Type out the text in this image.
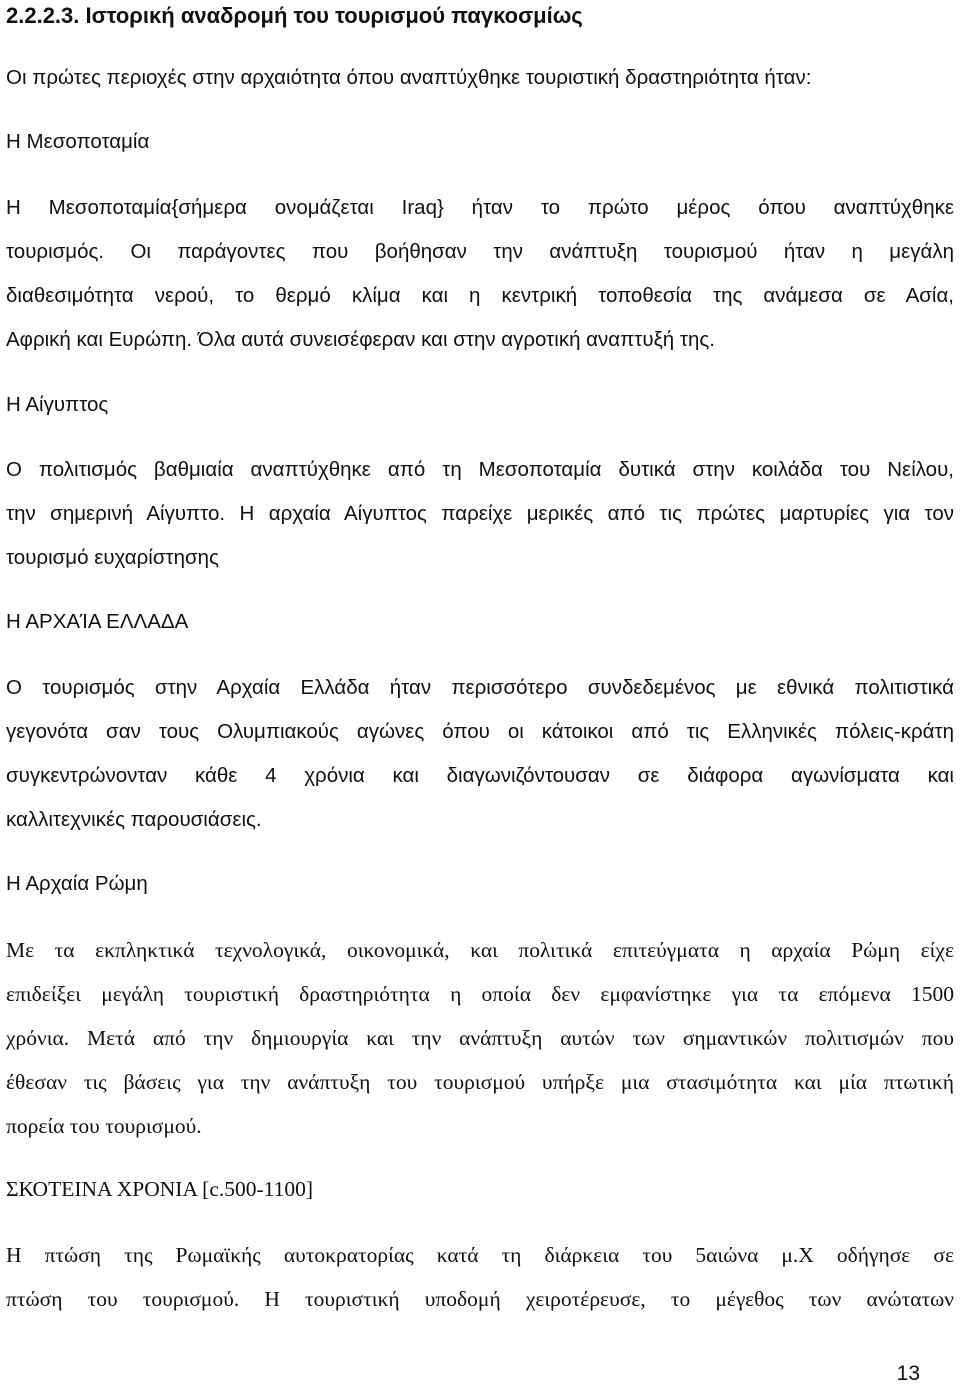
2.2.2.3. Ιστορική αναδρομή του τουρισμού παγκοσμίως
Οι πρώτες περιοχές στην αρχαιότητα όπου αναπτύχθηκε τουριστική δραστηριότητα ήταν:
Η Μεσοποταμία
Η Μεσοποταμία{σήμερα ονομάζεται Iraq} ήταν το πρώτο μέρος όπου αναπτύχθηκε
τουρισμός. Οι παράγοντες που βοήθησαν την ανάπτυξη τουρισμού ήταν η μεγάλη
διαθεσιμότητα νερού, το θερμό κλίμα και η κεντρική τοποθεσία της ανάμεσα σε Ασία,
Αφρική και Ευρώπη. Όλα αυτά συνεισέφεραν και στην αγροτική αναπτυξή της.
Η Αίγυπτος
Ο πολιτισμός βαθμιαία αναπτύχθηκε από τη Μεσοποταμία δυτικά στην κοιλάδα του Νείλου,
την σημερινή Αίγυπτο. Η αρχαία Αίγυπτος παρείχε μερικές από τις πρώτες μαρτυρίες για τον
τουρισμό ευχαρίστησης
Η ΑΡΧΑΊΑ ΕΛΛΑΔΑ
Ο τουρισμός στην Αρχαία Ελλάδα ήταν περισσότερο συνδεδεμένος με εθνικά πολιτιστικά
γεγονότα σαν τους Ολυμπιακούς αγώνες όπου οι κάτοικοι από τις Ελληνικές πόλεις-κράτη
συγκεντρώνονταν κάθε 4 χρόνια και διαγωνιζόντουσαν σε διάφορα αγωνίσματα και
καλλιτεχνικές παρουσιάσεις.
Η Αρχαία Ρώμη
Με τα εκπληκτικά τεχνολογικά, οικονομικά, και πολιτικά επιτεύγματα η αρχαία Ρώμη είχε
επιδείξει μεγάλη τουριστική δραστηριότητα η οποία δεν εμφανίστηκε για τα επόμενα 1500
χρόνια. Μετά από την δημιουργία και την ανάπτυξη αυτών των σημαντικών πολιτισμών που
έθεσαν τις βάσεις για την ανάπτυξη του τουρισμού υπήρξε μια στασιμότητα και μία πτωτική
πορεία του τουρισμού.
ΣΚΟΤΕΙΝΑ ΧΡΟΝΙΑ [c.500-1100]
Η πτώση της Ρωμαϊκής αυτοκρατορίας κατά τη διάρκεια του 5αιώνα μ.Χ οδήγησε σε
πτώση του τουρισμού. Η τουριστική υποδομή χειροτέρευσε, το μέγεθος των ανώτατων
13
